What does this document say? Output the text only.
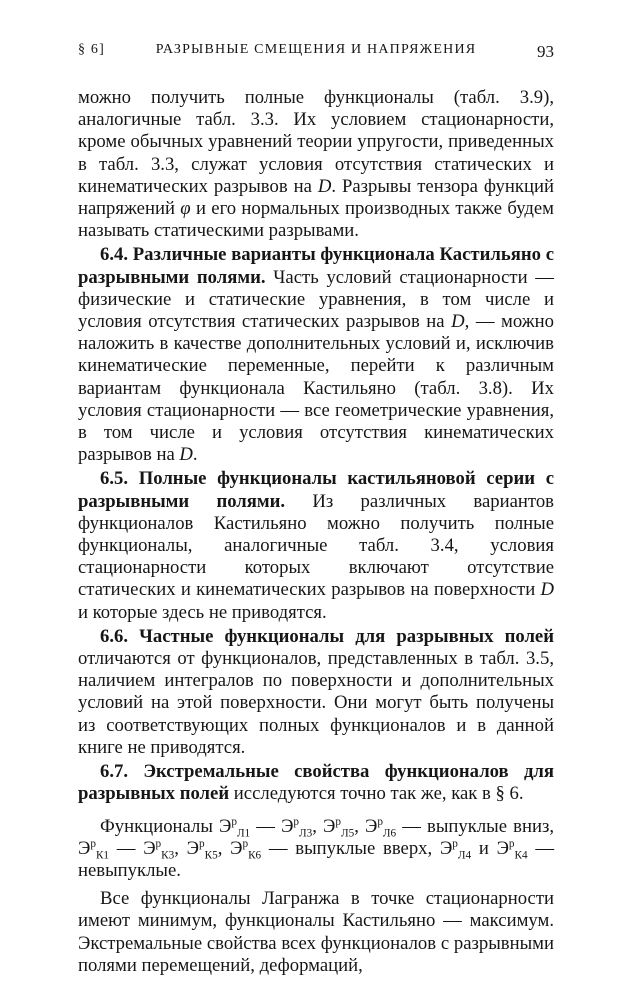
§ 6]	РАЗРЫВНЫЕ СМЕЩЕНИЯ И НАПРЯЖЕНИЯ	93

можно получить полные функционалы (табл. 3.9), аналогичные табл. 3.3. Их условием стационарности, кроме обычных уравнений теории упругости, приведенных в табл. 3.3, служат условия отсутствия статических и кинематических разрывов на D. Разрывы тензора функций напряжений φ и его нормальных производных также будем называть статическими разрывами.

6.4. Различные варианты функционала Кастильяно с разрывными полями. Часть условий стационарности — физические и статические уравнения, в том числе и условия отсутствия статических разрывов на D, — можно наложить в качестве дополнительных условий и, исключив кинематические переменные, перейти к различным вариантам функционала Кастильяно (табл. 3.8). Их условия стационарности — все геометрические уравнения, в том числе и условия отсутствия кинематических разрывов на D.

6.5. Полные функционалы кастильяновой серии с разрывными полями. Из различных вариантов функционалов Кастильяно можно получить полные функционалы, аналогичные табл. 3.4, условия стационарности которых включают отсутствие статических и кинематических разрывов на поверхности D и которые здесь не приводятся.

6.6. Частные функционалы для разрывных полей отличаются от функционалов, представленных в табл. 3.5, наличием интегралов по поверхности и дополнительных условий на этой поверхности. Они могут быть получены из соответствующих полных функционалов и в данной книге не приводятся.

6.7. Экстремальные свойства функционалов для разрывных полей исследуются точно так же, как в § 6.

Функционалы $Э^р_{Л1}$ — $Э^р_{Л3}$, $Э^р_{Л5}$, $Э^р_{Л6}$ — выпуклые вниз, $Э^р_{К1}$ — $Э^р_{К3}$, $Э^р_{К5}$, $Э^р_{К6}$ — выпуклые вверх, $Э^р_{Л4}$ и $Э^р_{К4}$ — невыпуклые.

Все функционалы Лагранжа в точке стационарности имеют минимум, функционалы Кастильяно — максимум. Экстремальные свойства всех функционалов с разрывными полями перемещений, деформаций,
